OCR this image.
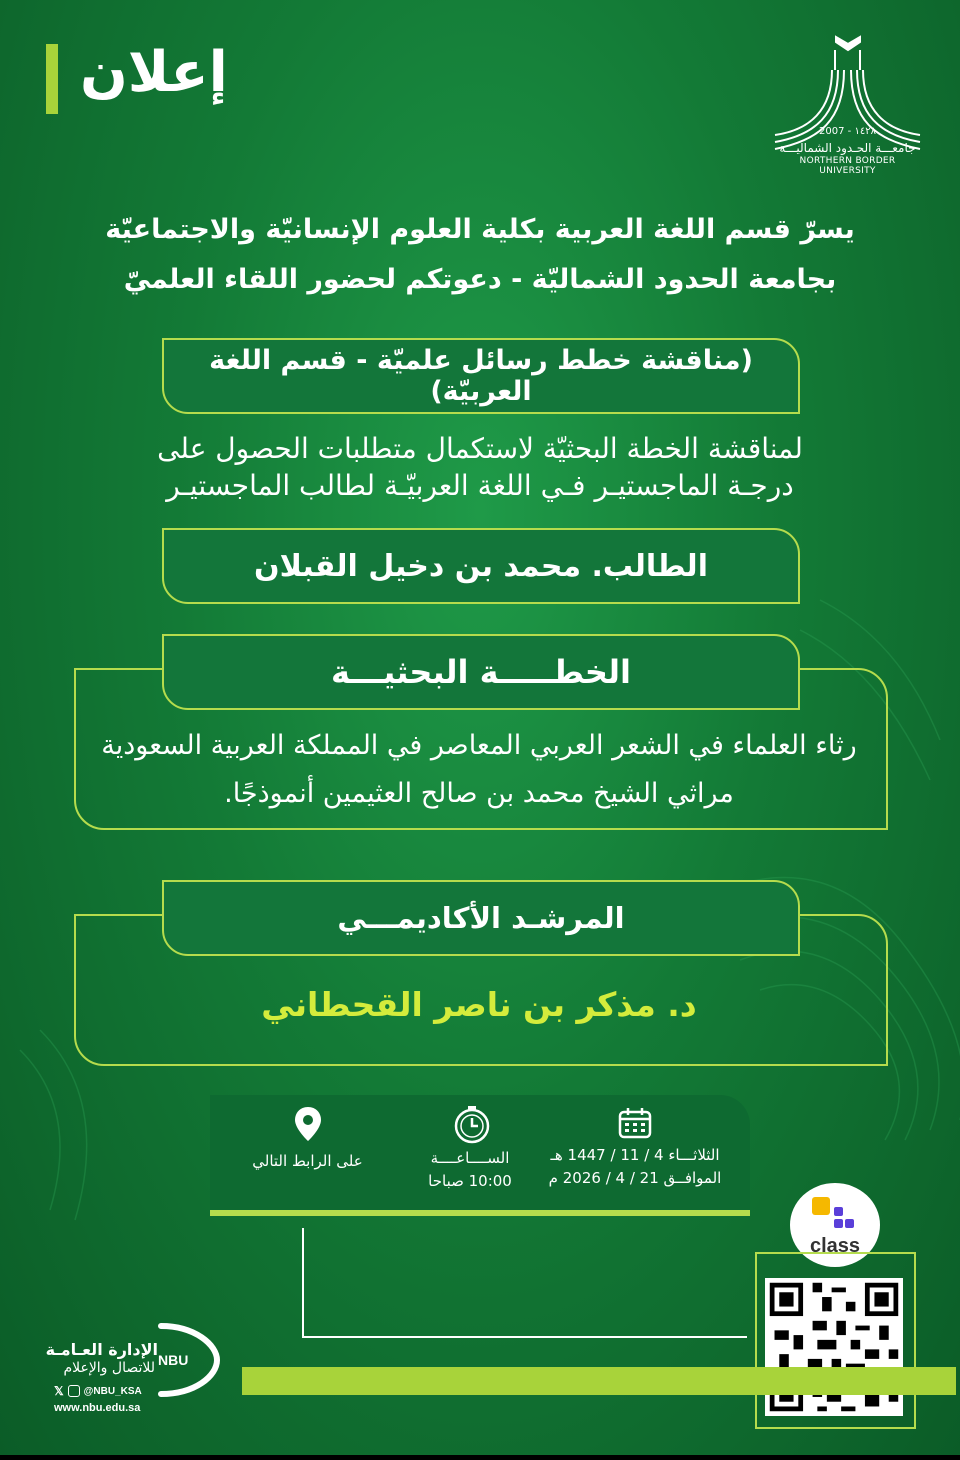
إعلان
2007 - ١٤٢٨
جامعـــة الحـدود الشماليـــة
NORTHERN BORDER UNIVERSITY
يسرّ قسم اللغة العربية بكلية العلوم الإنسانيّة والاجتماعيّة
بجامعة الحدود الشماليّة - دعوتكم لحضور اللقاء العلميّ
(مناقشة خطط رسائل علميّة - قسم اللغة العربيّة)
لمناقشة الخطة البحثيّة لاستكمال متطلبات الحصول على
درجـة الماجستيـر فـي اللغة العربيّـة لطالب الماجستيـر
الطالب. محمد بن دخيل القبلان
الخطـــــة البحثيـــة
رثاء العلماء في الشعر العربي المعاصر في المملكة العربية السعودية
مراثي الشيخ محمد بن صالح العثيمين أنموذجًا.
المرشـد الأكاديمـــي
د. مذكر بن ناصر القحطاني
الثلاثـــاء 4 / 11 / 1447 هـ
الموافــق 21 / 4 / 2026 م
الســــاعــــة
10:00 صباحا
على الرابط التالي
class
NBU
الإدارة العـامـة
للاتصال والإعلام
𝕏 @NBU_KSA
www.nbu.edu.sa
